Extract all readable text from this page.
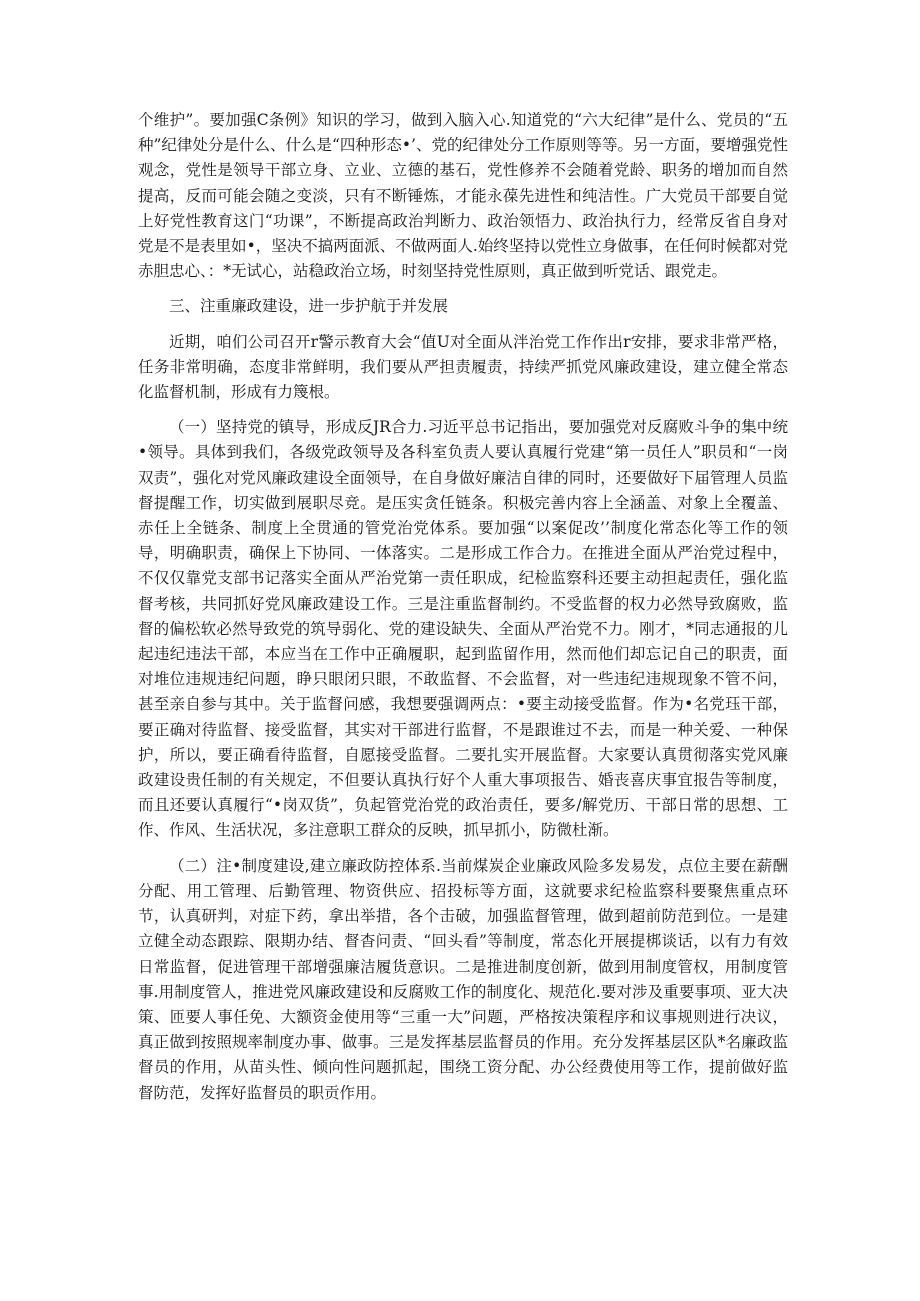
个维护”。要加强C条例》知识的学习，做到入脑入心.知道党的“六大纪律”是什么、党员的“五种”纪律处分是什么、什么是“四种形态•’、党的纪律处分工作原则等等。另一方面，要增强党性观念，党性是领导干部立身、立业、立德的基石，党性修养不会随着党龄、职务的增加而自然提高，反而可能会随之变淡，只有不断锤炼，才能永葆先进性和纯洁性。广大党员干部要自觉上好党性教育这门“功课”，不断提高政治判断力、政治领悟力、政治执行力，经常反省自身对党是不是表里如•，坚决不搞两面派、不做两面人.始终坚持以党性立身做事，在任何时候都对党赤胆忠心、：*无试心，站稳政治立场，时刻坚持党性原则，真正做到听党话、跟党走。

三、注重廉政建设，进一步护航于并发展

近期，咱们公司召开r警示教育大会“值U对全面从泮治党工作作出r安排，要求非常严格，任务非常明确，态度非常鲜明，我们要从严担责履责，持续严抓党风廉政建设，建立健全常态化监督机制，形成有力篾根。

（一）坚持党的镇导，形成反JR合力.习近平总书记指出，要加强党对反腐败斗争的集中统•领导。具体到我们，各级党政领导及各科室负责人要认真履行党建“第一员任人”职员和“一岗双责”，强化对党风廉政建设全面领导，在自身做好廉洁自律的同时，还要做好下届管理人员监督提醒工作，切实做到展职尽竞。是压实贪任链条。积极完善内容上全涵盖、对象上全覆盖、赤任上全链条、制度上全贯通的管党治党体系。要加强“以案促改’’制度化常态化等工作的领导，明确职责，确保上下协同、一体落实。二是形成工作合力。在推进全面从严治党过程中，不仅仅靠党支部书记落实全面从严治党第一责任职成，纪检监察科还要主动担起责任，强化监督考核，共同抓好党风廉政建设工作。三是注重监督制约。不受监督的权力必然导致腐败，监督的偏松软必然导致党的筑导弱化、党的建设缺失、全面从严治党不力。刚才，*同志通报的儿起违纪违法干部，本应当在工作中正确履职，起到监留作用，然而他们却忘记自己的职责，面对堆位违规违纪问题，睁只眼闭只眼，不敢监督、不会监督，对一些违纪违规现象不管不问，甚至亲自参与其中。关于监督问感，我想要强调两点：•要主动接受监督。作为•名党珏干部，要正确对待监督、接受监督，其实对干部进行监督，不是跟谁过不去，而是一种关爱、一种保护，所以，要正确看待监督，自愿接受监督。二要扎实开展监督。大家要认真贯彻落实党风廉政建设贵任制的有关规定，不但要认真执行好个人重大事项报告、婚丧喜庆事宜报告等制度，而且还要认真履行“•岗双货”，负起管党治党的政治责任，要多/解党历、干部日常的思想、工作、作风、生活状况，多注意职工群众的反映，抓早抓小，防微杜渐。

（二）注•制度建设,建立廉政防控体系.当前煤炭企业廉政风险多发易发，点位主要在薪酬分配、用工管理、后勤管理、物资供应、招投标等方面，这就要求纪检监察科要聚焦重点环节，认真研判，对症下药，拿出举措，各个击破，加强监督管理，做到超前防范到位。一是建立健全动态跟踪、限期办结、督杳问责、“回头看”等制度，常态化开展提梆谈话，以有力有效日常监督，促进管理干部增强廉洁履货意识。二是推进制度创新，做到用制度管权，用制度管事.用制度管人，推进党风廉政建设和反腐败工作的制度化、规范化.要对涉及重要事项、亚大决策、匝要人事任免、大额资金使用等“三重一大”问题，严格按决策程序和议事规则进行决议，真正做到按照规率制度办事、做事。三是发挥基层监督员的作用。充分发挥基层区队*名廉政监督员的作用，从苗头性、倾向性问题抓起，围绕工资分配、办公经费使用等工作，提前做好监督防范，发挥好监督员的职贡作用。
